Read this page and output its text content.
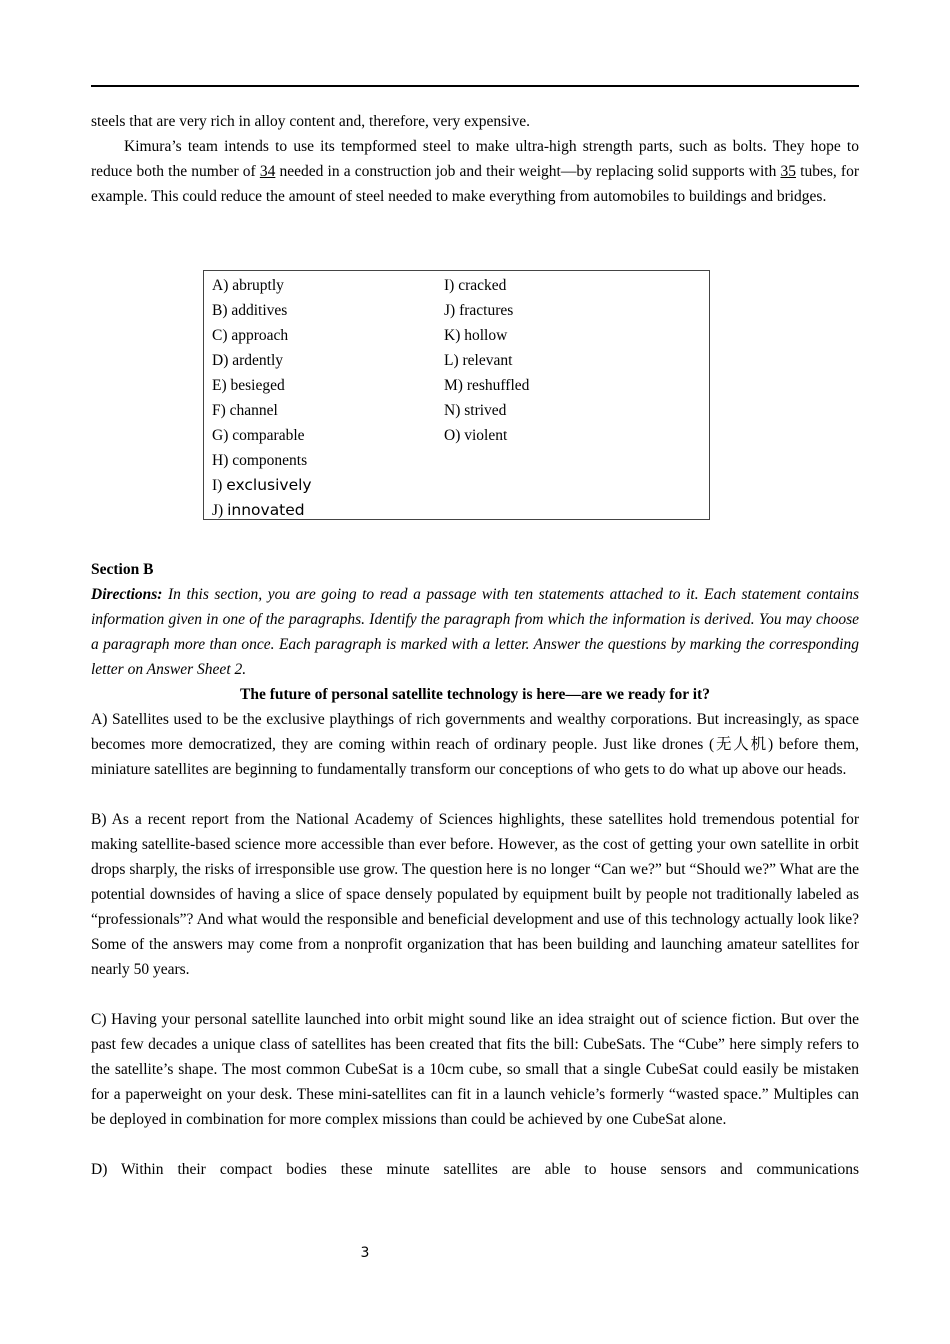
steels that are very rich in alloy content and, therefore, very expensive.

Kimura’s team intends to use its tempformed steel to make ultra-high strength parts, such as bolts. They hope to reduce both the number of 34 needed in a construction job and their weight—by replacing solid supports with 35 tubes, for example. This could reduce the amount of steel needed to make everything from automobiles to buildings and bridges.

A) abruptly
B) additives
C) approach
D) ardently
E) besieged
F) channel
G) comparable
H) components
I) exclusively
J) innovated
I) cracked
J) fractures
K) hollow
L) relevant
M) reshuffled
N) strived
O) violent
Section B

Directions: In this section, you are going to read a passage with ten statements attached to it. Each statement contains information given in one of the paragraphs. Identify the paragraph from which the information is derived. You may choose a paragraph more than once. Each paragraph is marked with a letter. Answer the questions by marking the corresponding letter on Answer Sheet 2.

The future of personal satellite technology is here—are we ready for it?

A) Satellites used to be the exclusive playthings of rich governments and wealthy corporations. But increasingly, as space becomes more democratized, they are coming within reach of ordinary people. Just like drones (无人机) before them, miniature satellites are beginning to fundamentally transform our conceptions of who gets to do what up above our heads.

B) As a recent report from the National Academy of Sciences highlights, these satellites hold tremendous potential for making satellite-based science more accessible than ever before. However, as the cost of getting your own satellite in orbit drops sharply, the risks of irresponsible use grow. The question here is no longer “Can we?” but “Should we?” What are the potential downsides of having a slice of space densely populated by equipment built by people not traditionally labeled as “professionals”? And what would the responsible and beneficial development and use of this technology actually look like? Some of the answers may come from a nonprofit organization that has been building and launching amateur satellites for nearly 50 years.

C) Having your personal satellite launched into orbit might sound like an idea straight out of science fiction. But over the past few decades a unique class of satellites has been created that fits the bill: CubeSats. The “Cube” here simply refers to the satellite’s shape. The most common CubeSat is a 10cm cube, so small that a single CubeSat could easily be mistaken for a paperweight on your desk. These mini-satellites can fit in a launch vehicle’s formerly “wasted space.” Multiples can be deployed in combination for more complex missions than could be achieved by one CubeSat alone.

D) Within their compact bodies these minute satellites are able to house sensors and communications

3
